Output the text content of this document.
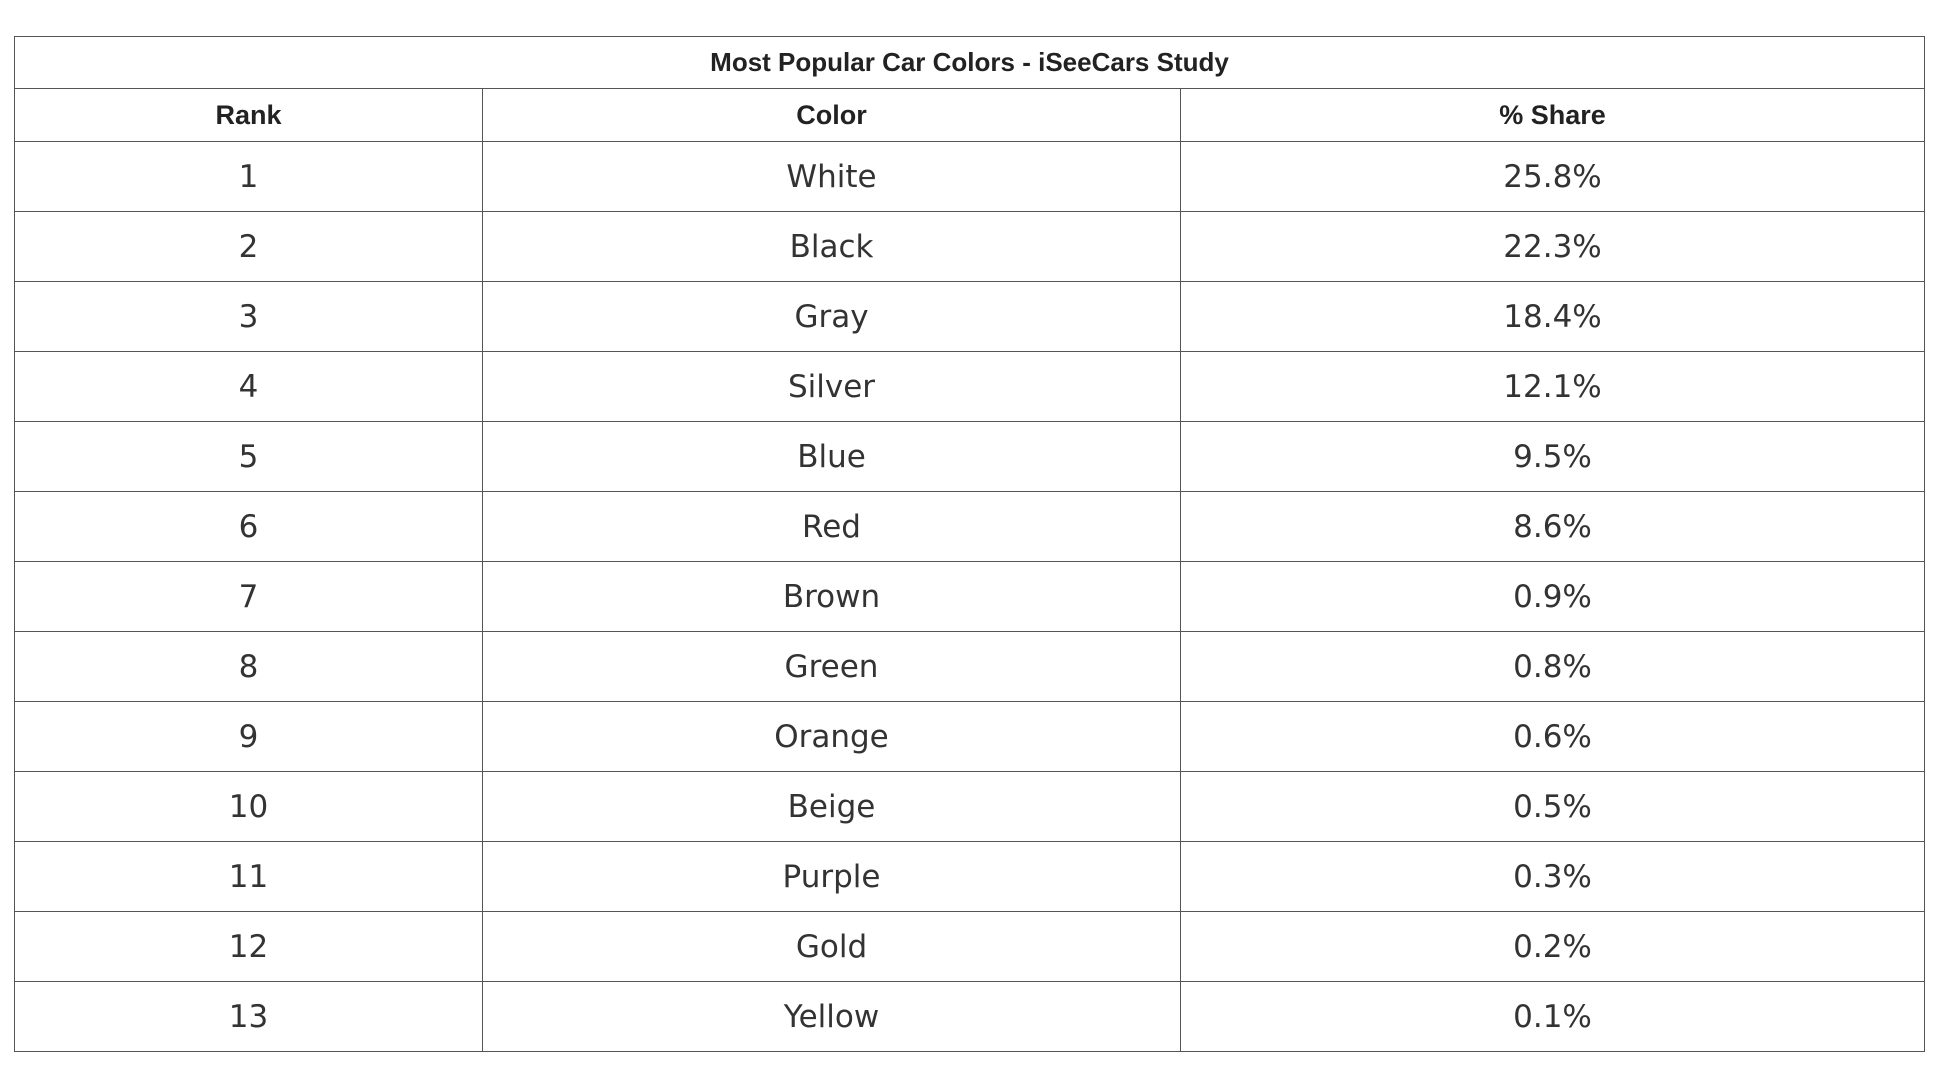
Most Popular Car Colors - iSeeCars Study		
Rank	Color	% Share
1	White	25.8%
2	Black	22.3%
3	Gray	18.4%
4	Silver	12.1%
5	Blue	9.5%
6	Red	8.6%
7	Brown	0.9%
8	Green	0.8%
9	Orange	0.6%
10	Beige	0.5%
11	Purple	0.3%
12	Gold	0.2%
13	Yellow	0.1%
